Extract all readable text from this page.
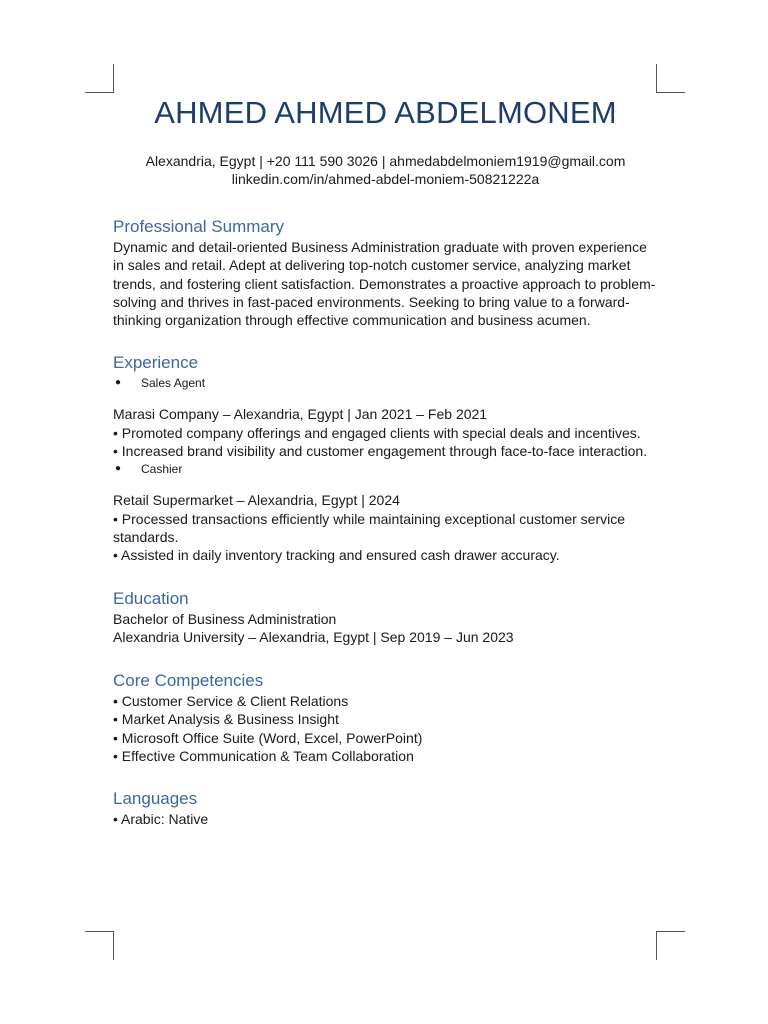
AHMED AHMED ABDELMONEM
Alexandria, Egypt | +20 111 590 3026 | ahmedabdelmoniem1919@gmail.com
linkedin.com/in/ahmed-abdel-moniem-50821222a
Professional Summary

Dynamic and detail-oriented Business Administration graduate with proven experience in sales and retail. Adept at delivering top-notch customer service, analyzing market trends, and fostering client satisfaction. Demonstrates a proactive approach to problem-solving and thrives in fast-paced environments. Seeking to bring value to a forward-thinking organization through effective communication and business acumen.

Experience
●	Sales Agent

Marasi Company – Alexandria, Egypt | Jan 2021 – Feb 2021

• Promoted company offerings and engaged clients with special deals and incentives.

• Increased brand visibility and customer engagement through face-to-face interaction.

●	Cashier

Retail Supermarket – Alexandria, Egypt | 2024

• Processed transactions efficiently while maintaining exceptional customer service standards.

• Assisted in daily inventory tracking and ensured cash drawer accuracy.

Education

Bachelor of Business Administration

Alexandria University – Alexandria, Egypt | Sep 2019 – Jun 2023

Core Competencies

• Customer Service & Client Relations

• Market Analysis & Business Insight

• Microsoft Office Suite (Word, Excel, PowerPoint)

• Effective Communication & Team Collaboration

Languages

• Arabic: Native
